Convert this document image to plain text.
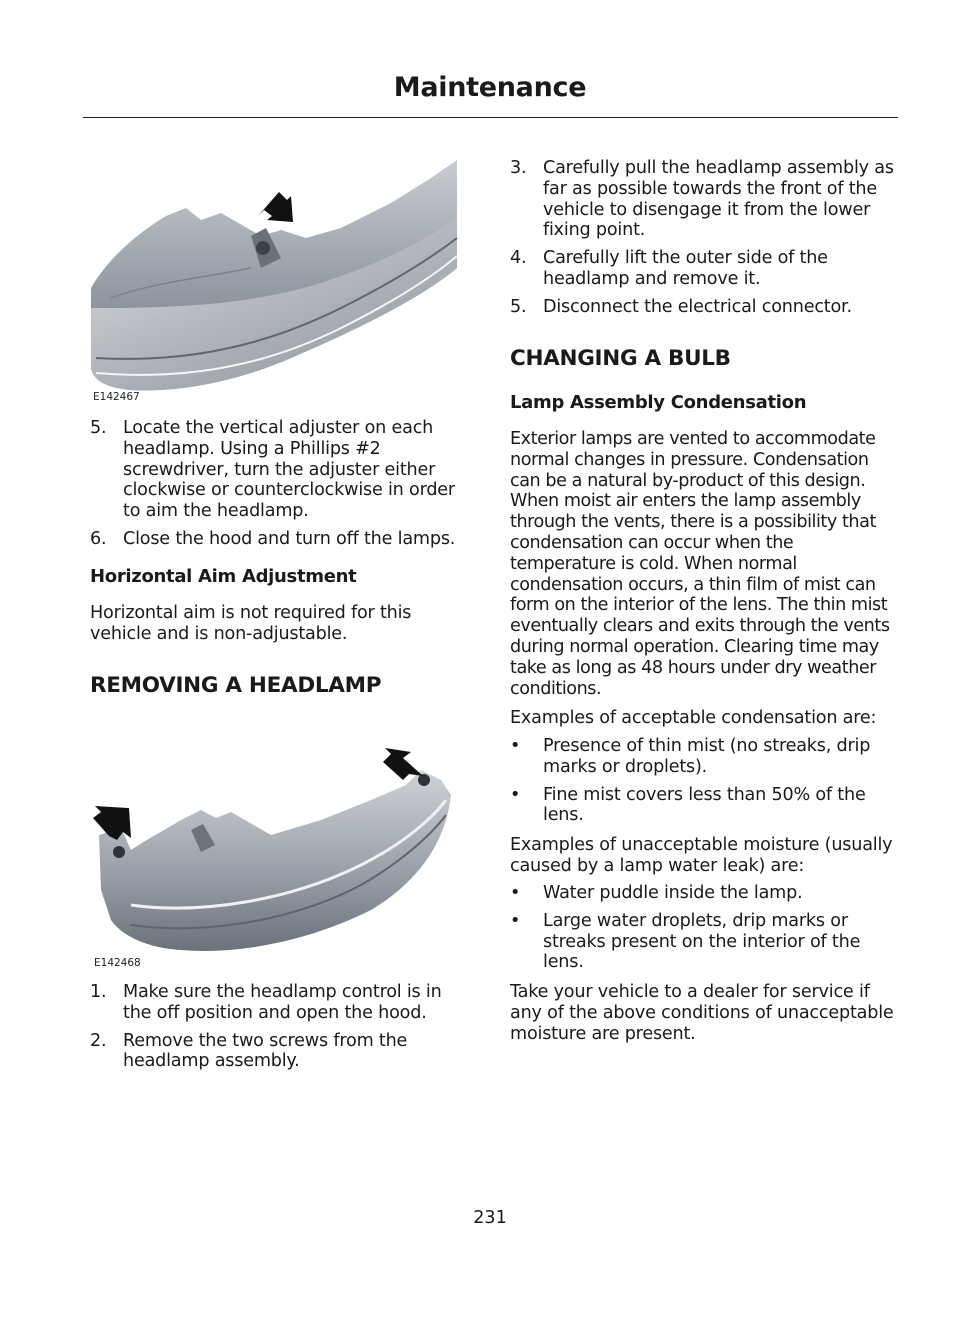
Maintenance
E142467
5. Locate the vertical adjuster on each headlamp. Using a Phillips #2 screwdriver, turn the adjuster either clockwise or counterclockwise in order to aim the headlamp.
6. Close the hood and turn off the lamps.
Horizontal Aim Adjustment

Horizontal aim is not required for this vehicle and is non-adjustable.

REMOVING A HEADLAMP
E142468
1. Make sure the headlamp control is in the off position and open the hood.
2. Remove the two screws from the headlamp assembly.
3. Carefully pull the headlamp assembly as far as possible towards the front of the vehicle to disengage it from the lower fixing point.
4. Carefully lift the outer side of the headlamp and remove it.
5. Disconnect the electrical connector.
CHANGING A BULB
Lamp Assembly Condensation

Exterior lamps are vented to accommodate normal changes in pressure. Condensation can be a natural by-product of this design. When moist air enters the lamp assembly through the vents, there is a possibility that condensation can occur when the temperature is cold. When normal condensation occurs, a thin film of mist can form on the interior of the lens. The thin mist eventually clears and exits through the vents during normal operation. Clearing time may take as long as 48 hours under dry weather conditions.

Examples of acceptable condensation are:

• Presence of thin mist (no streaks, drip marks or droplets).
• Fine mist covers less than 50% of the lens.

Examples of unacceptable moisture (usually caused by a lamp water leak) are:

• Water puddle inside the lamp.
• Large water droplets, drip marks or streaks present on the interior of the lens.

Take your vehicle to a dealer for service if any of the above conditions of unacceptable moisture are present.

231
